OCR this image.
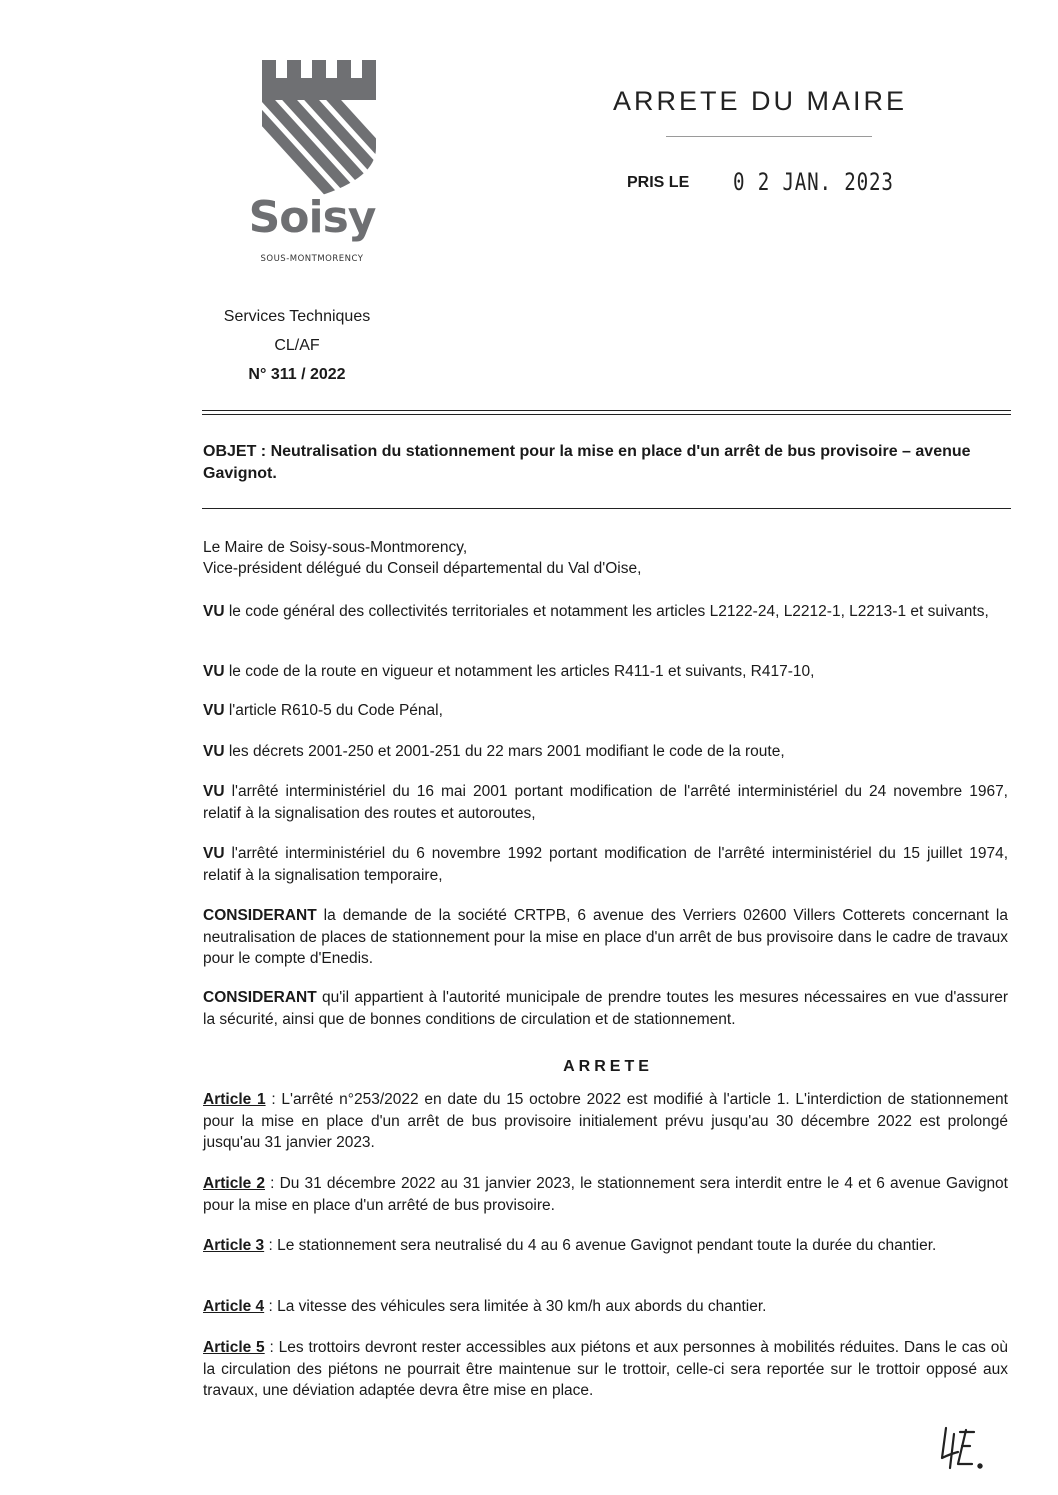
Soisy
SOUS-MONTMORENCY
ARRETE DU MAIRE
PRIS LE 0 2 JAN. 2023
Services Techniques
CL/AF
N° 311 / 2022
OBJET : Neutralisation du stationnement pour la mise en place d'un arrêt de bus provisoire – avenue Gavignot.
Le Maire de Soisy-sous-Montmorency,
Vice-président délégué du Conseil départemental du Val d'Oise,
VU le code général des collectivités territoriales et notamment les articles L2122-24, L2212-1, L2213-1 et suivants,
VU le code de la route en vigueur et notamment les articles R411-1 et suivants, R417-10,
VU l'article R610-5 du Code Pénal,
VU les décrets 2001-250 et 2001-251 du 22 mars 2001 modifiant le code de la route,
VU l'arrêté interministériel du 16 mai 2001 portant modification de l'arrêté interministériel du 24 novembre 1967, relatif à la signalisation des routes et autoroutes,
VU l'arrêté interministériel du 6 novembre 1992 portant modification de l'arrêté interministériel du 15 juillet 1974, relatif à la signalisation temporaire,
CONSIDERANT la demande de la société CRTPB, 6 avenue des Verriers 02600 Villers Cotterets concernant la neutralisation de places de stationnement pour la mise en place d'un arrêt de bus provisoire dans le cadre de travaux pour le compte d'Enedis.
CONSIDERANT qu'il appartient à l'autorité municipale de prendre toutes les mesures nécessaires en vue d'assurer la sécurité, ainsi que de bonnes conditions de circulation et de stationnement.
ARRETE
Article 1 : L'arrêté n°253/2022 en date du 15 octobre 2022 est modifié à l'article 1. L'interdiction de stationnement pour la mise en place d'un arrêt de bus provisoire initialement prévu jusqu'au 30 décembre 2022 est prolongé jusqu'au 31 janvier 2023.
Article 2 : Du 31 décembre 2022 au 31 janvier 2023, le stationnement sera interdit entre le 4 et 6 avenue Gavignot pour la mise en place d'un arrêté de bus provisoire.
Article 3 : Le stationnement sera neutralisé du 4 au 6 avenue Gavignot pendant toute la durée du chantier.
Article 4 : La vitesse des véhicules sera limitée à 30 km/h aux abords du chantier.
Article 5 : Les trottoirs devront rester accessibles aux piétons et aux personnes à mobilités réduites. Dans le cas où la circulation des piétons ne pourrait être maintenue sur le trottoir, celle-ci sera reportée sur le trottoir opposé aux travaux, une déviation adaptée devra être mise en place.
